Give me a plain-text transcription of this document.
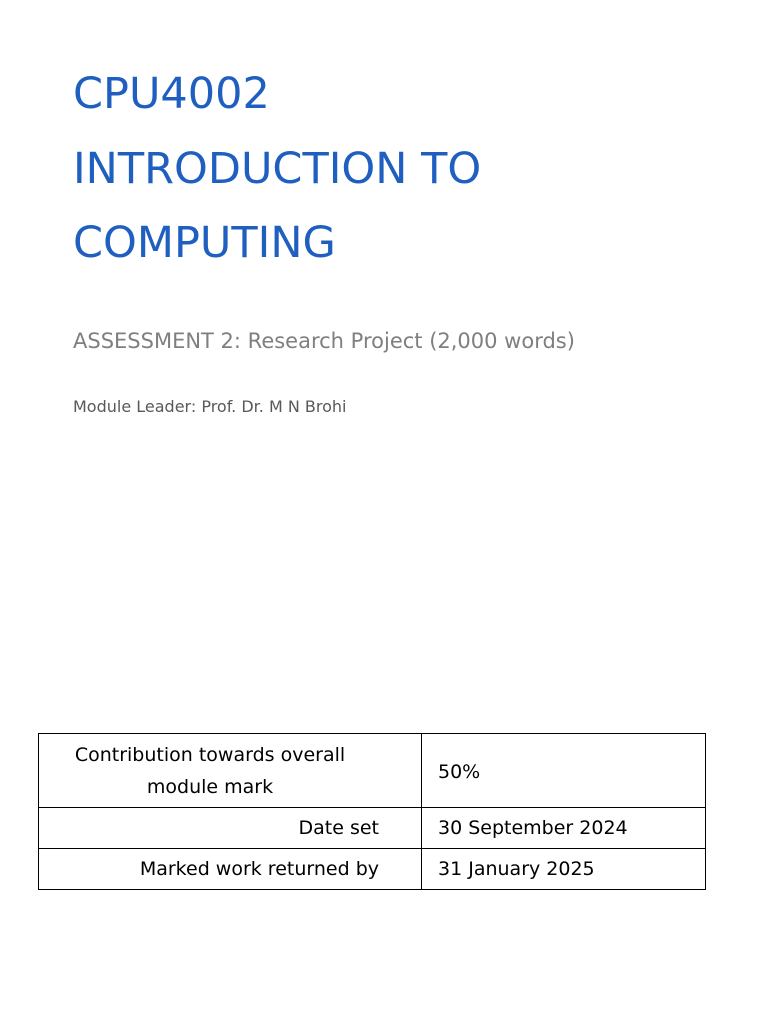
CPU4002
INTRODUCTION TO
COMPUTING

ASSESSMENT 2: Research Project (2,000 words)

Module Leader: Prof. Dr. M N Brohi

Contribution towards overall module mark	50%
Date set	30 September 2024
Marked work returned by	31 January 2025
